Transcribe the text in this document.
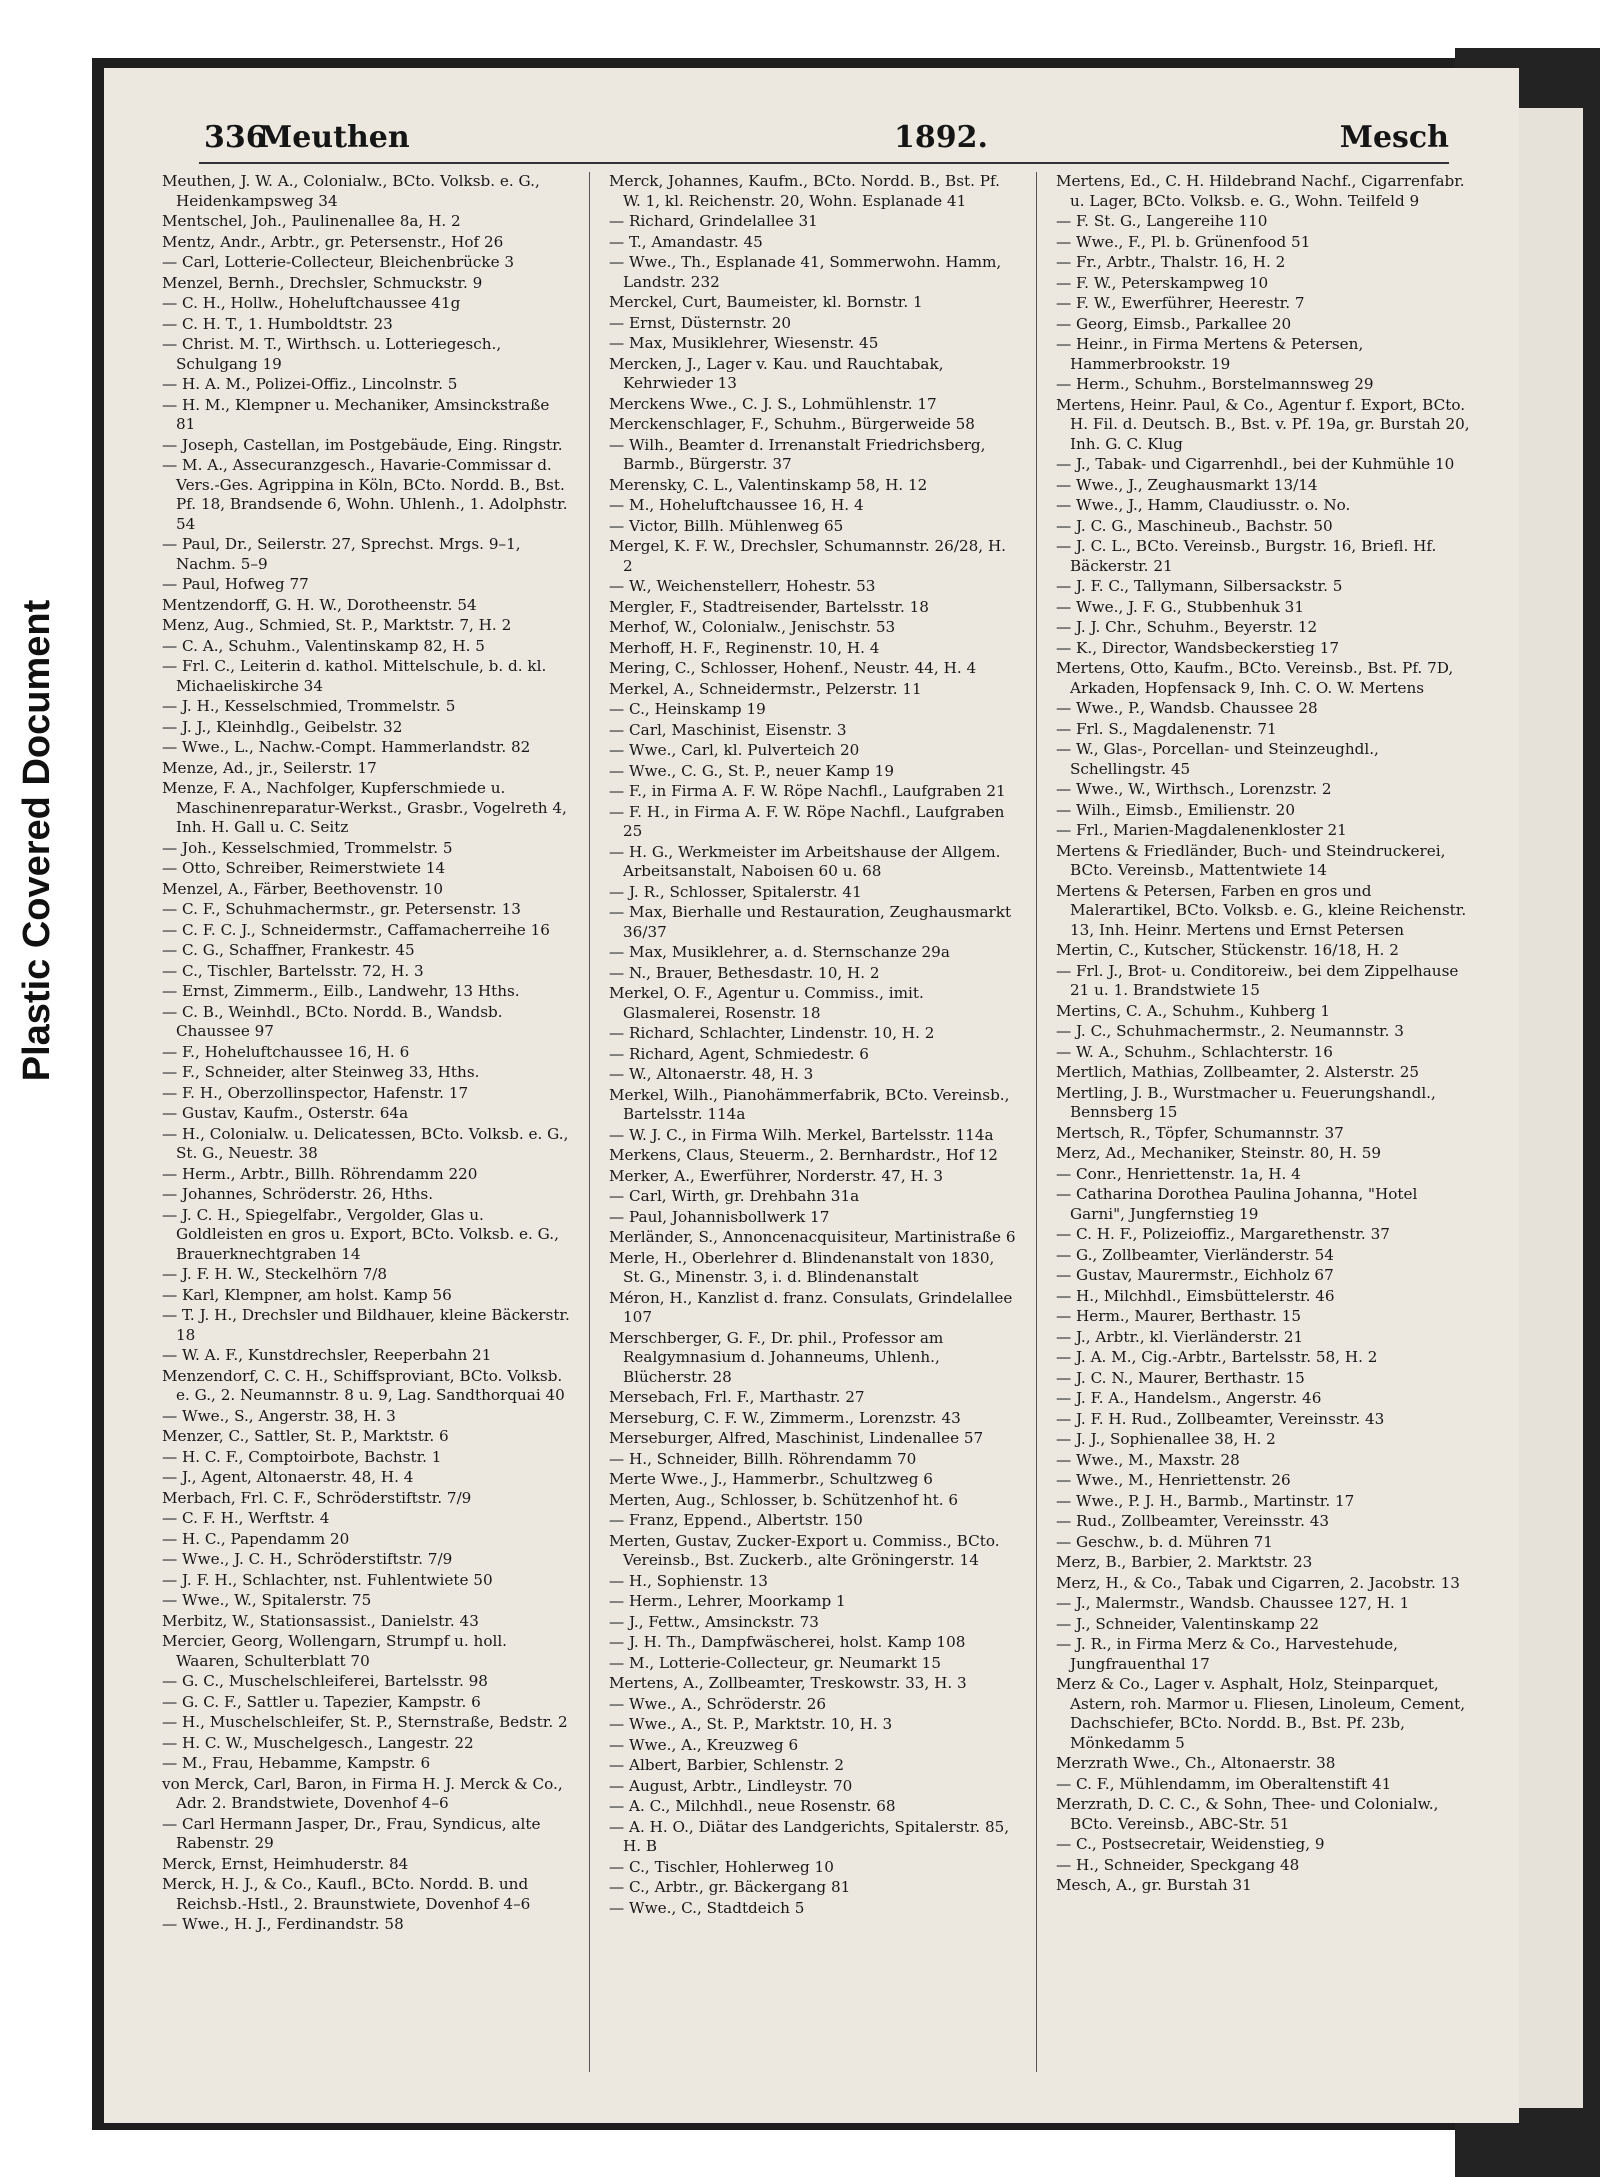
Plastic Covered Document
336
Meuthen	1892.	Mesch
Meuthen, J. W. A., Colonialw., BCto. Volksb. e. G., Heidenkampsweg 34
Mentschel, Joh., Paulinenallee 8a, H. 2
Mentz, Andr., Arbtr., gr. Petersenstr., Hof 26
— Carl, Lotterie-Collecteur, Bleichenbrücke 3
Menzel, Bernh., Drechsler, Schmuckstr. 9
— C. H., Hollw., Hoheluftchaussee 41g
— C. H. T., 1. Humboldtstr. 23
— Christ. M. T., Wirthsch. u. Lotteriegesch., Schulgang 19
— H. A. M., Polizei-Offiz., Lincolnstr. 5
— H. M., Klempner u. Mechaniker, Amsinckstraße 81
— Joseph, Castellan, im Postgebäude, Eing. Ringstr.
— M. A., Assecuranzgesch., Havarie-Commissar d. Vers.-Ges. Agrippina in Köln, BCto. Nordd. B., Bst. Pf. 18, Brandsende 6, Wohn. Uhlenh., 1. Adolphstr. 54
— Paul, Dr., Seilerstr. 27, Sprechst. Mrgs. 9–1, Nachm. 5–9
— Paul, Hofweg 77
Mentzendorff, G. H. W., Dorotheenstr. 54
Menz, Aug., Schmied, St. P., Marktstr. 7, H. 2
— C. A., Schuhm., Valentinskamp 82, H. 5
— Frl. C., Leiterin d. kathol. Mittelschule, b. d. kl. Michaeliskirche 34
— J. H., Kesselschmied, Trommelstr. 5
— J. J., Kleinhdlg., Geibelstr. 32
— Wwe., L., Nachw.-Compt. Hammerlandstr. 82
Menze, Ad., jr., Seilerstr. 17
Menze, F. A., Nachfolger, Kupferschmiede u. Maschinenreparatur-Werkst., Grasbr., Vogelreth 4, Inh. H. Gall u. C. Seitz
— Joh., Kesselschmied, Trommelstr. 5
— Otto, Schreiber, Reimerstwiete 14
Menzel, A., Färber, Beethovenstr. 10
— C. F., Schuhmachermstr., gr. Petersenstr. 13
— C. F. C. J., Schneidermstr., Caffamacherreihe 16
— C. G., Schaffner, Frankestr. 45
— C., Tischler, Bartelsstr. 72, H. 3
— Ernst, Zimmerm., Eilb., Landwehr, 13 Hths.
— C. B., Weinhdl., BCto. Nordd. B., Wandsb. Chaussee 97
— F., Hoheluftchaussee 16, H. 6
— F., Schneider, alter Steinweg 33, Hths.
— F. H., Oberzollinspector, Hafenstr. 17
— Gustav, Kaufm., Osterstr. 64a
— H., Colonialw. u. Delicatessen, BCto. Volksb. e. G., St. G., Neuestr. 38
— Herm., Arbtr., Billh. Röhrendamm 220
— Johannes, Schröderstr. 26, Hths.
— J. C. H., Spiegelfabr., Vergolder, Glas u. Goldleisten en gros u. Export, BCto. Volksb. e. G., Brauerknechtgraben 14
— J. F. H. W., Steckelhörn 7/8
— Karl, Klempner, am holst. Kamp 56
— T. J. H., Drechsler und Bildhauer, kleine Bäckerstr. 18
— W. A. F., Kunstdrechsler, Reeperbahn 21
Menzendorf, C. C. H., Schiffsproviant, BCto. Volksb. e. G., 2. Neumannstr. 8 u. 9, Lag. Sandthorquai 40
— Wwe., S., Angerstr. 38, H. 3
Menzer, C., Sattler, St. P., Marktstr. 6
— H. C. F., Comptoirbote, Bachstr. 1
— J., Agent, Altonaerstr. 48, H. 4
Merbach, Frl. C. F., Schröderstiftstr. 7/9
— C. F. H., Werftstr. 4
— H. C., Papendamm 20
— Wwe., J. C. H., Schröderstiftstr. 7/9
— J. F. H., Schlachter, nst. Fuhlentwiete 50
— Wwe., W., Spitalerstr. 75
Merbitz, W., Stationsassist., Danielstr. 43
Mercier, Georg, Wollengarn, Strumpf u. holl. Waaren, Schulterblatt 70
— G. C., Muschelschleiferei, Bartelsstr. 98
— G. C. F., Sattler u. Tapezier, Kampstr. 6
— H., Muschelschleifer, St. P., Sternstraße, Bedstr. 2
— H. C. W., Muschelgesch., Langestr. 22
— M., Frau, Hebamme, Kampstr. 6
von Merck, Carl, Baron, in Firma H. J. Merck & Co., Adr. 2. Brandstwiete, Dovenhof 4–6
— Carl Hermann Jasper, Dr., Frau, Syndicus, alte Rabenstr. 29
Merck, Ernst, Heimhuderstr. 84
Merck, H. J., & Co., Kaufl., BCto. Nordd. B. und Reichsb.-Hstl., 2. Braunstwiete, Dovenhof 4–6
— Wwe., H. J., Ferdinandstr. 58
Merck, Johannes, Kaufm., BCto. Nordd. B., Bst. Pf. W. 1, kl. Reichenstr. 20, Wohn. Esplanade 41
— Richard, Grindelallee 31
— T., Amandastr. 45
— Wwe., Th., Esplanade 41, Sommerwohn. Hamm, Landstr. 232
Merckel, Curt, Baumeister, kl. Bornstr. 1
— Ernst, Düsternstr. 20
— Max, Musiklehrer, Wiesenstr. 45
Mercken, J., Lager v. Kau. und Rauchtabak, Kehrwieder 13
Merckens Wwe., C. J. S., Lohmühlenstr. 17
Merckenschlager, F., Schuhm., Bürgerweide 58
— Wilh., Beamter d. Irrenanstalt Friedrichsberg, Barmb., Bürgerstr. 37
Merensky, C. L., Valentinskamp 58, H. 12
— M., Hoheluftchaussee 16, H. 4
— Victor, Billh. Mühlenweg 65
Mergel, K. F. W., Drechsler, Schumannstr. 26/28, H. 2
— W., Weichenstellerr, Hohestr. 53
Mergler, F., Stadtreisender, Bartelsstr. 18
Merhof, W., Colonialw., Jenischstr. 53
Merhoff, H. F., Reginenstr. 10, H. 4
Mering, C., Schlosser, Hohenf., Neustr. 44, H. 4
Merkel, A., Schneidermstr., Pelzerstr. 11
— C., Heinskamp 19
— Carl, Maschinist, Eisenstr. 3
— Wwe., Carl, kl. Pulverteich 20
— Wwe., C. G., St. P., neuer Kamp 19
— F., in Firma A. F. W. Röpe Nachfl., Laufgraben 21
— F. H., in Firma A. F. W. Röpe Nachfl., Laufgraben 25
— H. G., Werkmeister im Arbeitshause der Allgem. Arbeitsanstalt, Naboisen 60 u. 68
— J. R., Schlosser, Spitalerstr. 41
— Max, Bierhalle und Restauration, Zeughausmarkt 36/37
— Max, Musiklehrer, a. d. Sternschanze 29a
— N., Brauer, Bethesdastr. 10, H. 2
Merkel, O. F., Agentur u. Commiss., imit. Glasmalerei, Rosenstr. 18
— Richard, Schlachter, Lindenstr. 10, H. 2
— Richard, Agent, Schmiedestr. 6
— W., Altonaerstr. 48, H. 3
Merkel, Wilh., Pianohämmerfabrik, BCto. Vereinsb., Bartelsstr. 114a
— W. J. C., in Firma Wilh. Merkel, Bartelsstr. 114a
Merkens, Claus, Steuerm., 2. Bernhardstr., Hof 12
Merker, A., Ewerführer, Norderstr. 47, H. 3
— Carl, Wirth, gr. Drehbahn 31a
— Paul, Johannisbollwerk 17
Merländer, S., Annoncenacquisiteur, Martinistraße 6
Merle, H., Oberlehrer d. Blindenanstalt von 1830, St. G., Minenstr. 3, i. d. Blindenanstalt
Méron, H., Kanzlist d. franz. Consulats, Grindelallee 107
Merschberger, G. F., Dr. phil., Professor am Realgymnasium d. Johanneums, Uhlenh., Blücherstr. 28
Mersebach, Frl. F., Marthastr. 27
Merseburg, C. F. W., Zimmerm., Lorenzstr. 43
Merseburger, Alfred, Maschinist, Lindenallee 57
— H., Schneider, Billh. Röhrendamm 70
Merte Wwe., J., Hammerbr., Schultzweg 6
Merten, Aug., Schlosser, b. Schützenhof ht. 6
— Franz, Eppend., Albertstr. 150
Merten, Gustav, Zucker-Export u. Commiss., BCto. Vereinsb., Bst. Zuckerb., alte Gröningerstr. 14
— H., Sophienstr. 13
— Herm., Lehrer, Moorkamp 1
— J., Fettw., Amsinckstr. 73
— J. H. Th., Dampfwäscherei, holst. Kamp 108
— M., Lotterie-Collecteur, gr. Neumarkt 15
Mertens, A., Zollbeamter, Treskowstr. 33, H. 3
— Wwe., A., Schröderstr. 26
— Wwe., A., St. P., Marktstr. 10, H. 3
— Wwe., A., Kreuzweg 6
— Albert, Barbier, Schlenstr. 2
— August, Arbtr., Lindleystr. 70
— A. C., Milchhdl., neue Rosenstr. 68
— A. H. O., Diätar des Landgerichts, Spitalerstr. 85, H. B
— C., Tischler, Hohlerweg 10
— C., Arbtr., gr. Bäckergang 81
— Wwe., C., Stadtdeich 5
Mertens, Ed., C. H. Hildebrand Nachf., Cigarrenfabr. u. Lager, BCto. Volksb. e. G., Wohn. Teilfeld 9
— F. St. G., Langereihe 110
— Wwe., F., Pl. b. Grünenfood 51
— Fr., Arbtr., Thalstr. 16, H. 2
— F. W., Peterskampweg 10
— F. W., Ewerführer, Heerestr. 7
— Georg, Eimsb., Parkallee 20
— Heinr., in Firma Mertens & Petersen, Hammerbrookstr. 19
— Herm., Schuhm., Borstelmannsweg 29
Mertens, Heinr. Paul, & Co., Agentur f. Export, BCto. H. Fil. d. Deutsch. B., Bst. v. Pf. 19a, gr. Burstah 20, Inh. G. C. Klug
— J., Tabak- und Cigarrenhdl., bei der Kuhmühle 10
— Wwe., J., Zeughausmarkt 13/14
— Wwe., J., Hamm, Claudiusstr. o. No.
— J. C. G., Maschineub., Bachstr. 50
— J. C. L., BCto. Vereinsb., Burgstr. 16, Briefl. Hf. Bäckerstr. 21
— J. F. C., Tallymann, Silbersackstr. 5
— Wwe., J. F. G., Stubbenhuk 31
— J. J. Chr., Schuhm., Beyerstr. 12
— K., Director, Wandsbeckerstieg 17
Mertens, Otto, Kaufm., BCto. Vereinsb., Bst. Pf. 7D, Arkaden, Hopfensack 9, Inh. C. O. W. Mertens
— Wwe., P., Wandsb. Chaussee 28
— Frl. S., Magdalenenstr. 71
— W., Glas-, Porcellan- und Steinzeughdl., Schellingstr. 45
— Wwe., W., Wirthsch., Lorenzstr. 2
— Wilh., Eimsb., Emilienstr. 20
— Frl., Marien-Magdalenenkloster 21
Mertens & Friedländer, Buch- und Steindruckerei, BCto. Vereinsb., Mattentwiete 14
Mertens & Petersen, Farben en gros und Malerartikel, BCto. Volksb. e. G., kleine Reichenstr. 13, Inh. Heinr. Mertens und Ernst Petersen
Mertin, C., Kutscher, Stückenstr. 16/18, H. 2
— Frl. J., Brot- u. Conditoreiw., bei dem Zippelhause 21 u. 1. Brandstwiete 15
Mertins, C. A., Schuhm., Kuhberg 1
— J. C., Schuhmachermstr., 2. Neumannstr. 3
— W. A., Schuhm., Schlachterstr. 16
Mertlich, Mathias, Zollbeamter, 2. Alsterstr. 25
Mertling, J. B., Wurstmacher u. Feuerungshandl., Bennsberg 15
Mertsch, R., Töpfer, Schumannstr. 37
Merz, Ad., Mechaniker, Steinstr. 80, H. 59
— Conr., Henriettenstr. 1a, H. 4
— Catharina Dorothea Paulina Johanna, "Hotel Garni", Jungfernstieg 19
— C. H. F., Polizeioffiz., Margarethenstr. 37
— G., Zollbeamter, Vierländerstr. 54
— Gustav, Maurermstr., Eichholz 67
— H., Milchhdl., Eimsbüttelerstr. 46
— Herm., Maurer, Berthastr. 15
— J., Arbtr., kl. Vierländerstr. 21
— J. A. M., Cig.-Arbtr., Bartelsstr. 58, H. 2
— J. C. N., Maurer, Berthastr. 15
— J. F. A., Handelsm., Angerstr. 46
— J. F. H. Rud., Zollbeamter, Vereinsstr. 43
— J. J., Sophienallee 38, H. 2
— Wwe., M., Maxstr. 28
— Wwe., M., Henriettenstr. 26
— Wwe., P. J. H., Barmb., Martinstr. 17
— Rud., Zollbeamter, Vereinsstr. 43
— Geschw., b. d. Mühren 71
Merz, B., Barbier, 2. Marktstr. 23
Merz, H., & Co., Tabak und Cigarren, 2. Jacobstr. 13
— J., Malermstr., Wandsb. Chaussee 127, H. 1
— J., Schneider, Valentinskamp 22
— J. R., in Firma Merz & Co., Harvestehude, Jungfrauenthal 17
Merz & Co., Lager v. Asphalt, Holz, Steinparquet, Astern, roh. Marmor u. Fliesen, Linoleum, Cement, Dachschiefer, BCto. Nordd. B., Bst. Pf. 23b, Mönkedamm 5
Merzrath Wwe., Ch., Altonaerstr. 38
— C. F., Mühlendamm, im Oberaltenstift 41
Merzrath, D. C. C., & Sohn, Thee- und Colonialw., BCto. Vereinsb., ABC-Str. 51
— C., Postsecretair, Weidenstieg, 9
— H., Schneider, Speckgang 48
Mesch, A., gr. Burstah 31
